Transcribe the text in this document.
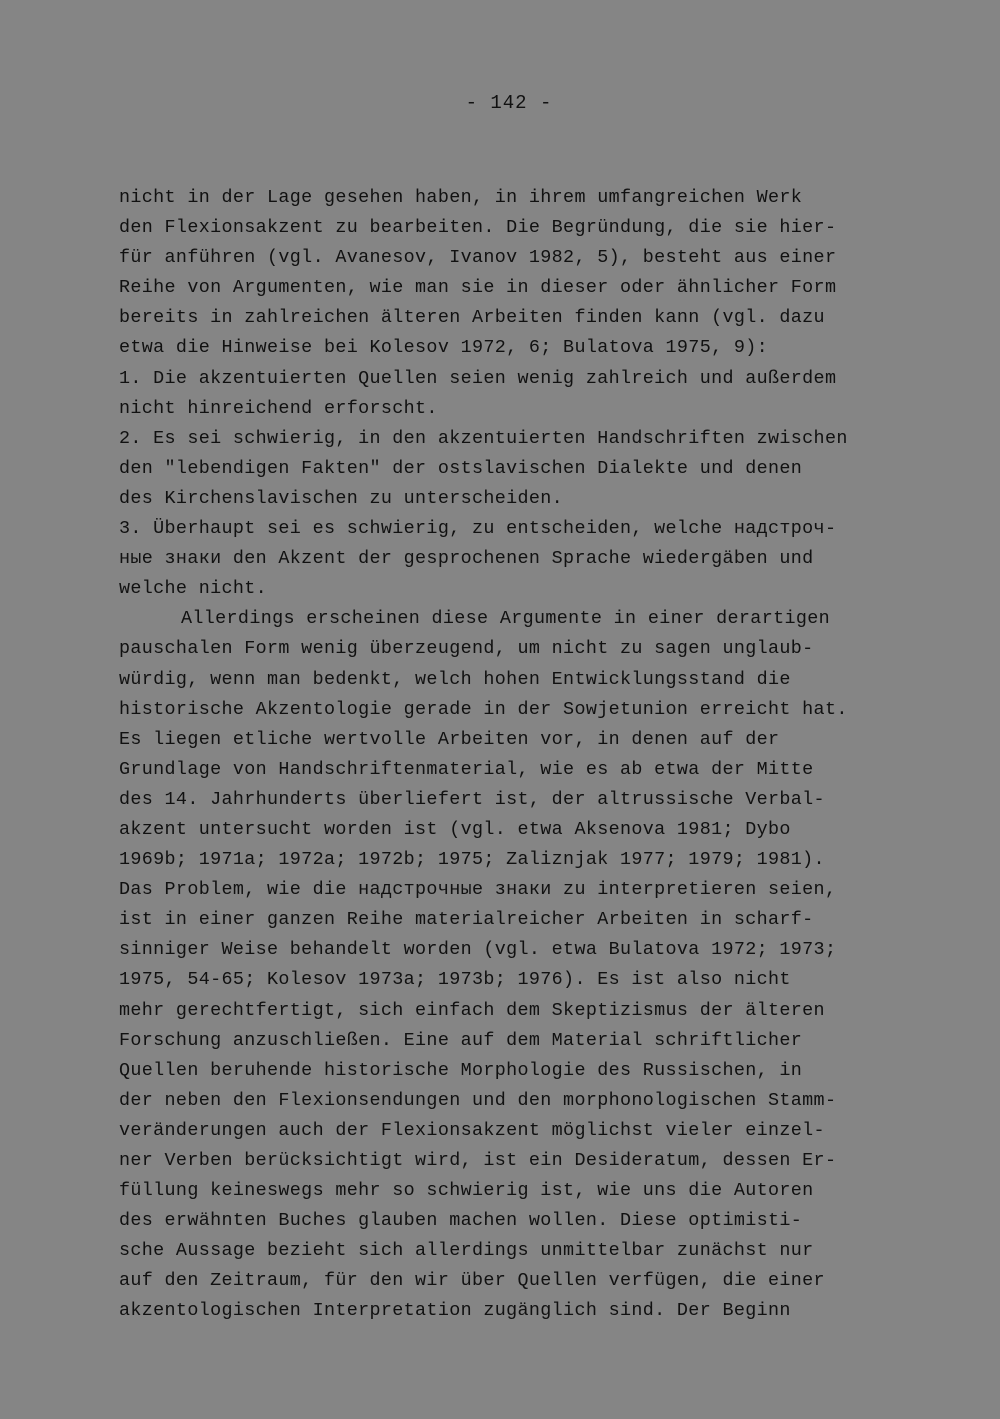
- 142 -
nicht in der Lage gesehen haben, in ihrem umfangreichen Werk
den Flexionsakzent zu bearbeiten. Die Begründung, die sie hier-
für anführen (vgl. Avanesov, Ivanov 1982, 5), besteht aus einer
Reihe von Argumenten, wie man sie in dieser oder ähnlicher Form
bereits in zahlreichen älteren Arbeiten finden kann (vgl. dazu
etwa die Hinweise bei Kolesov 1972, 6; Bulatova 1975, 9):
1. Die akzentuierten Quellen seien wenig zahlreich und außerdem
nicht hinreichend erforscht.
2. Es sei schwierig, in den akzentuierten Handschriften zwischen
den "lebendigen Fakten" der ostslavischen Dialekte und denen
des Kirchenslavischen zu unterscheiden.
3. Überhaupt sei es schwierig, zu entscheiden, welche надстроч-
ные знаки den Akzent der gesprochenen Sprache wiedergäben und
welche nicht.
Allerdings erscheinen diese Argumente in einer derartigen
pauschalen Form wenig überzeugend, um nicht zu sagen unglaub-
würdig, wenn man bedenkt, welch hohen Entwicklungsstand die
historische Akzentologie gerade in der Sowjetunion erreicht hat.
Es liegen etliche wertvolle Arbeiten vor, in denen auf der
Grundlage von Handschriftenmaterial, wie es ab etwa der Mitte
des 14. Jahrhunderts überliefert ist, der altrussische Verbal-
akzent untersucht worden ist (vgl. etwa Aksenova 1981; Dybo
1969b; 1971a; 1972a; 1972b; 1975; Zaliznjak 1977; 1979; 1981).
Das Problem, wie die надстрочные знаки zu interpretieren seien,
ist in einer ganzen Reihe materialreicher Arbeiten in scharf-
sinniger Weise behandelt worden (vgl. etwa Bulatova 1972; 1973;
1975, 54-65; Kolesov 1973a; 1973b; 1976). Es ist also nicht
mehr gerechtfertigt, sich einfach dem Skeptizismus der älteren
Forschung anzuschließen. Eine auf dem Material schriftlicher
Quellen beruhende historische Morphologie des Russischen, in
der neben den Flexionsendungen und den morphonologischen Stamm-
veränderungen auch der Flexionsakzent möglichst vieler einzel-
ner Verben berücksichtigt wird, ist ein Desideratum, dessen Er-
füllung keineswegs mehr so schwierig ist, wie uns die Autoren
des erwähnten Buches glauben machen wollen. Diese optimisti-
sche Aussage bezieht sich allerdings unmittelbar zunächst nur
auf den Zeitraum, für den wir über Quellen verfügen, die einer
akzentologischen Interpretation zugänglich sind. Der Beginn
